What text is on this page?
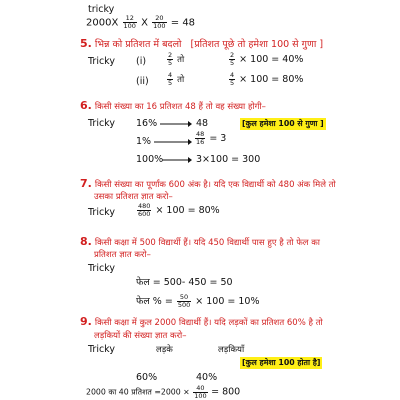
tricky
$2000X \frac{12}{100}$ X $\frac{20}{100} = 48$
5. भिन्न को प्रतिशत में बदलो [प्रतिशत पूछे तो हमेशा 100 से गुणा ]
Tricky (i)	$\frac{2}{5}$ तो	$\frac{2}{5} \times 100 = 40\%$
(ii)	$\frac{4}{5}$ तो	$\frac{4}{5} \times 100 = 80\%$
6. किसी संख्या का 16 प्रतिशत 48 हैं तो वह संख्या होगी–
Tricky 16%	48	[कुल हमेशा 100 से गुणा ]
1%	$\frac{48}{16} = 3$
100%	3×100 = 300
7. किसी संख्या का पूर्णांक 600 अंक है। यदि एक विद्यार्थी को 480 अंक मिले तो
उसका प्रतिशत ज्ञात करो–
Tricky	$\frac{480}{600} \times 100 = 80\%$
8. किसी कक्षा में 500 विद्यार्थी हैं। यदि 450 विद्यार्थी पास हुए है तो फेल का
प्रतिशत ज्ञात करो–
Tricky
फेल = 500- 450 = 50
फेल % = $\frac{50}{500} \times 100 = 10\%$
9. किसी कक्षा में कुल 2000 विद्यार्थी हैं। यदि लड़कों का प्रतिशत 60% है तो
लड़कियों की संख्या ज्ञात करो–
Tricky	लड़के	लड़कियाँ
[कुल हमेशा 100 होता है]
60%	40%
2000 का 40 प्रतिशत $=2000 \times \frac{40}{100} = 800$
